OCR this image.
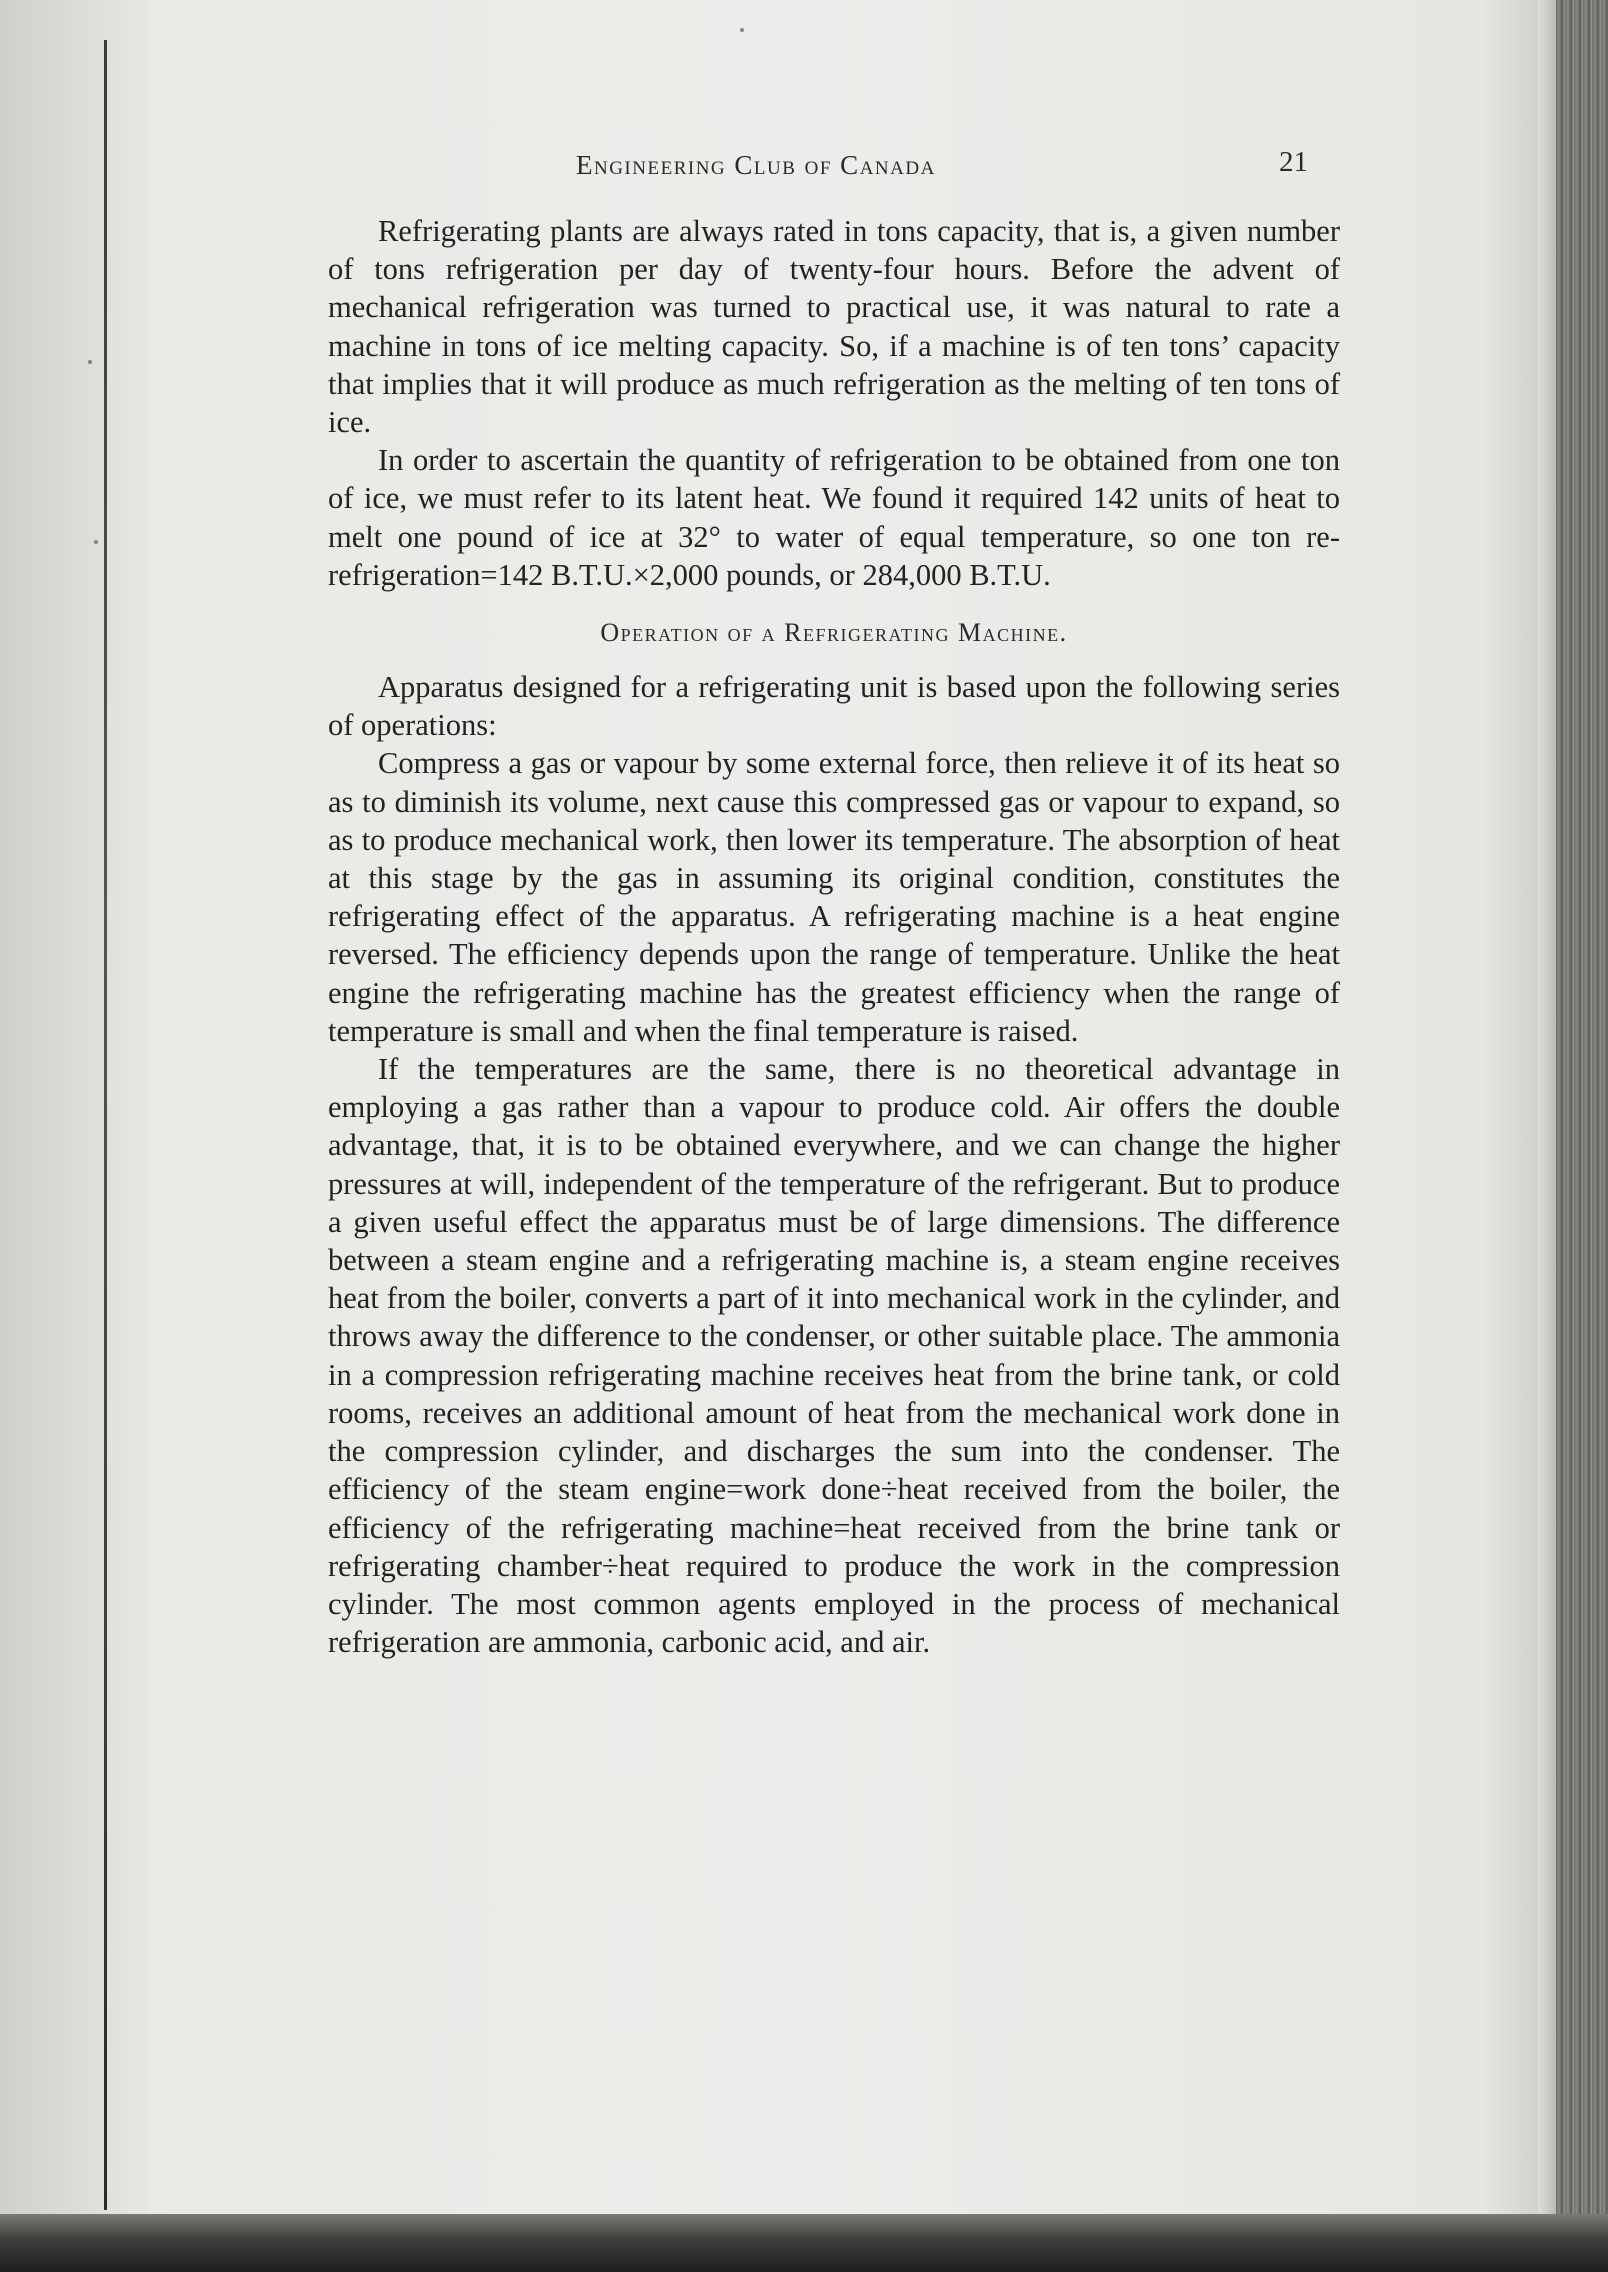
Engineering Club of Canada	21

Refrigerating plants are always rated in tons capacity, that is, a given number of tons refrigeration per day of twenty-four hours. Before the advent of mechanical refrigeration was turned to practical use, it was natural to rate a machine in tons of ice melting capacity. So, if a machine is of ten tons’ capacity that implies that it will produce as much refrigeration as the melting of ten tons of ice.

In order to ascertain the quantity of refrigeration to be obtained from one ton of ice, we must refer to its latent heat. We found it required 142 units of heat to melt one pound of ice at 32° to water of equal temperature, so one ton re-refrigeration=142 B.T.U.×2,000 pounds, or 284,000 B.T.U.

Operation of a Refrigerating Machine.

Apparatus designed for a refrigerating unit is based upon the following series of operations:

Compress a gas or vapour by some external force, then relieve it of its heat so as to diminish its volume, next cause this compressed gas or vapour to expand, so as to produce mechanical work, then lower its temperature. The absorption of heat at this stage by the gas in assuming its original condition, constitutes the refrigerating effect of the apparatus. A refrigerating machine is a heat engine reversed. The efficiency depends upon the range of temperature. Unlike the heat engine the refrigerating machine has the greatest efficiency when the range of temperature is small and when the final temperature is raised.

If the temperatures are the same, there is no theoretical advantage in employing a gas rather than a vapour to produce cold. Air offers the double advantage, that, it is to be obtained everywhere, and we can change the higher pressures at will, independent of the temperature of the refrigerant. But to produce a given useful effect the apparatus must be of large dimensions. The difference between a steam engine and a refrigerating machine is, a steam engine receives heat from the boiler, converts a part of it into mechanical work in the cylinder, and throws away the difference to the condenser, or other suitable place. The ammonia in a compression refrigerating machine receives heat from the brine tank, or cold rooms, receives an additional amount of heat from the mechanical work done in the compression cylinder, and discharges the sum into the condenser. The efficiency of the steam engine=work done÷heat received from the boiler, the efficiency of the refrigerating machine=heat received from the brine tank or refrigerating chamber÷heat required to produce the work in the compression cylinder. The most common agents employed in the process of mechanical refrigeration are ammonia, carbonic acid, and air.
